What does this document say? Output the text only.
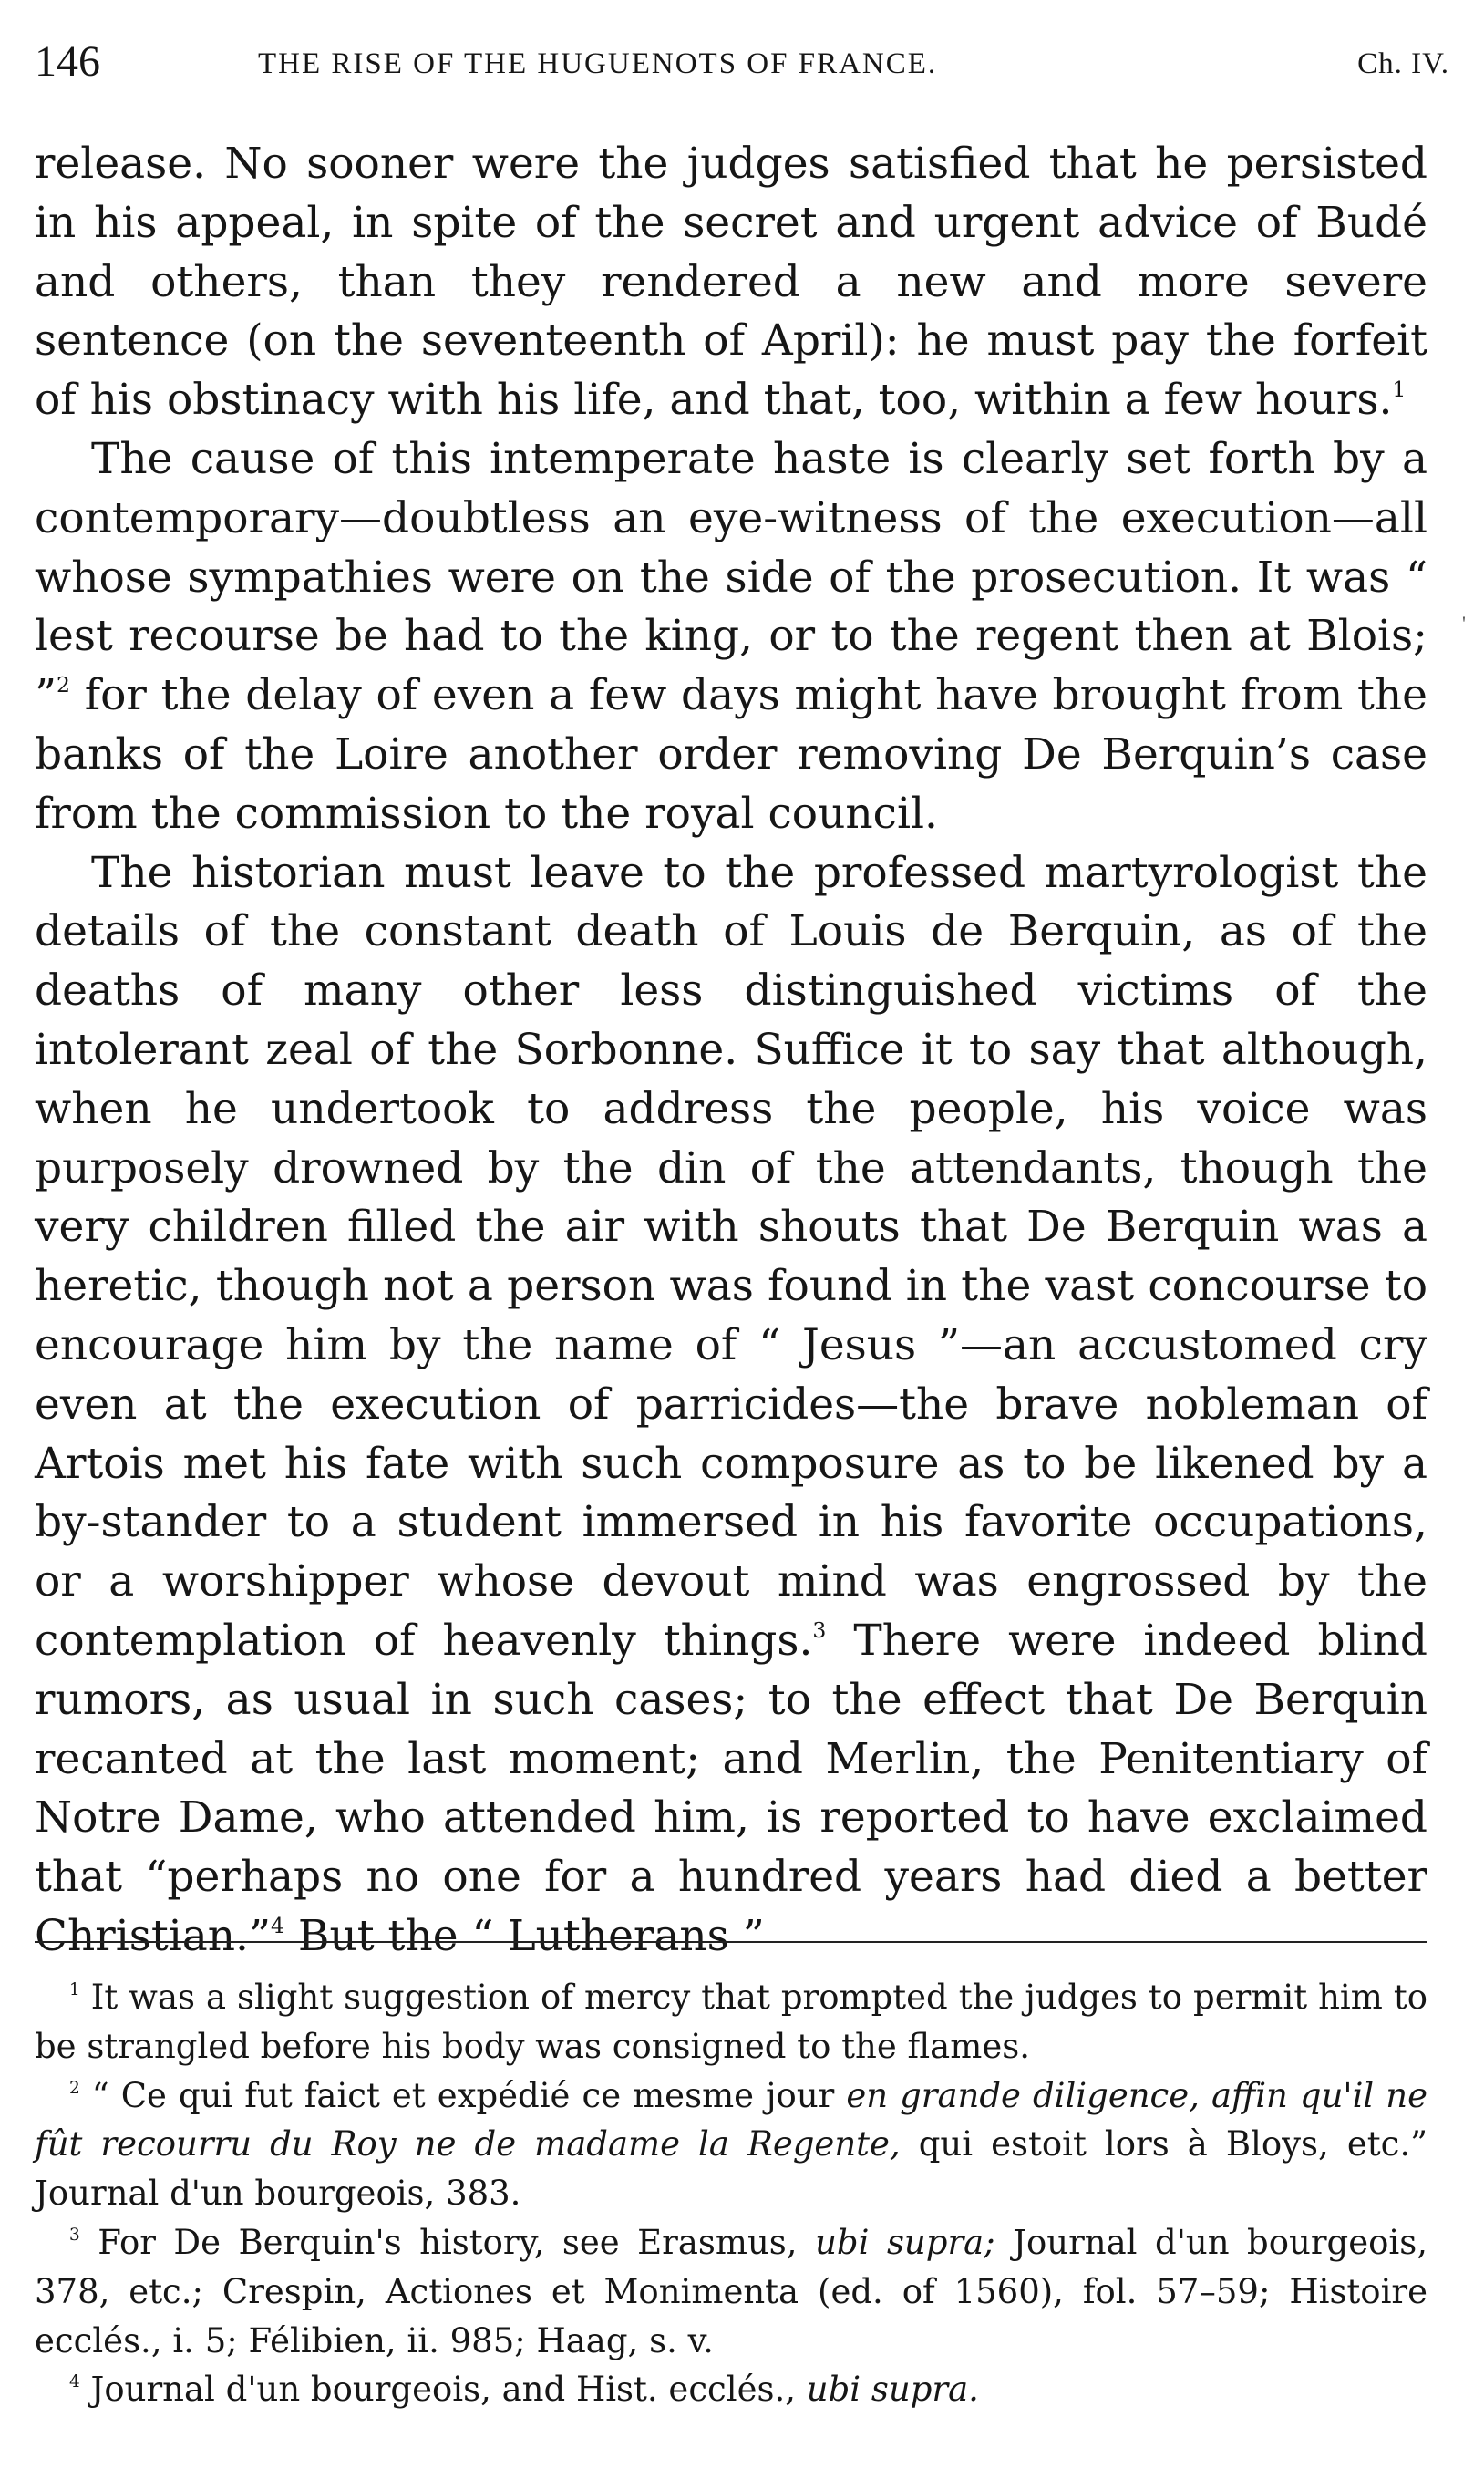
146	THE RISE OF THE HUGUENOTS OF FRANCE.	Ch. IV.

release. No sooner were the judges satisfied that he persisted in his appeal, in spite of the secret and urgent advice of Budé and others, than they rendered a new and more severe sentence (on the seventeenth of April): he must pay the forfeit of his obstinacy with his life, and that, too, within a few hours.$^1$

The cause of this intemperate haste is clearly set forth by a contemporary—doubtless an eye-witness of the execution—all whose sympathies were on the side of the prosecution. It was “ lest recourse be had to the king, or to the regent then at Blois; ”$^2$ for the delay of even a few days might have brought from the banks of the Loire another order removing De Berquin’s case from the commission to the royal council.

The historian must leave to the professed martyrologist the details of the constant death of Louis de Berquin, as of the deaths of many other less distinguished victims of the intolerant zeal of the Sorbonne. Suffice it to say that although, when he undertook to address the people, his voice was purposely drowned by the din of the attendants, though the very children filled the air with shouts that De Berquin was a heretic, though not a person was found in the vast concourse to encourage him by the name of “ Jesus ”—an accustomed cry even at the execution of parricides—the brave nobleman of Artois met his fate with such composure as to be likened by a by-stander to a student immersed in his favorite occupations, or a worshipper whose devout mind was engrossed by the contemplation of heavenly things.$^3$ There were indeed blind rumors, as usual in such cases; to the effect that De Berquin recanted at the last moment; and Merlin, the Penitentiary of Notre Dame, who attended him, is reported to have exclaimed that “perhaps no one for a hundred years had died a better Christian.”$^4$ But the “ Lutherans ”

'

$^1$ It was a slight suggestion of mercy that prompted the judges to permit him to be strangled before his body was consigned to the flames.

$^2$ “ Ce qui fut faict et expédié ce mesme jour en grande diligence, affin qu'il ne fût recourru du Roy ne de madame la Regente, qui estoit lors à Bloys, etc.” Journal d'un bourgeois, 383.

$^3$ For De Berquin's history, see Erasmus, ubi supra; Journal d'un bourgeois, 378, etc.; Crespin, Actiones et Monimenta (ed. of 1560), fol. 57–59; Histoire ecclés., i. 5; Félibien, ii. 985; Haag, s. v.

$^4$ Journal d'un bourgeois, and Hist. ecclés., ubi supra.
